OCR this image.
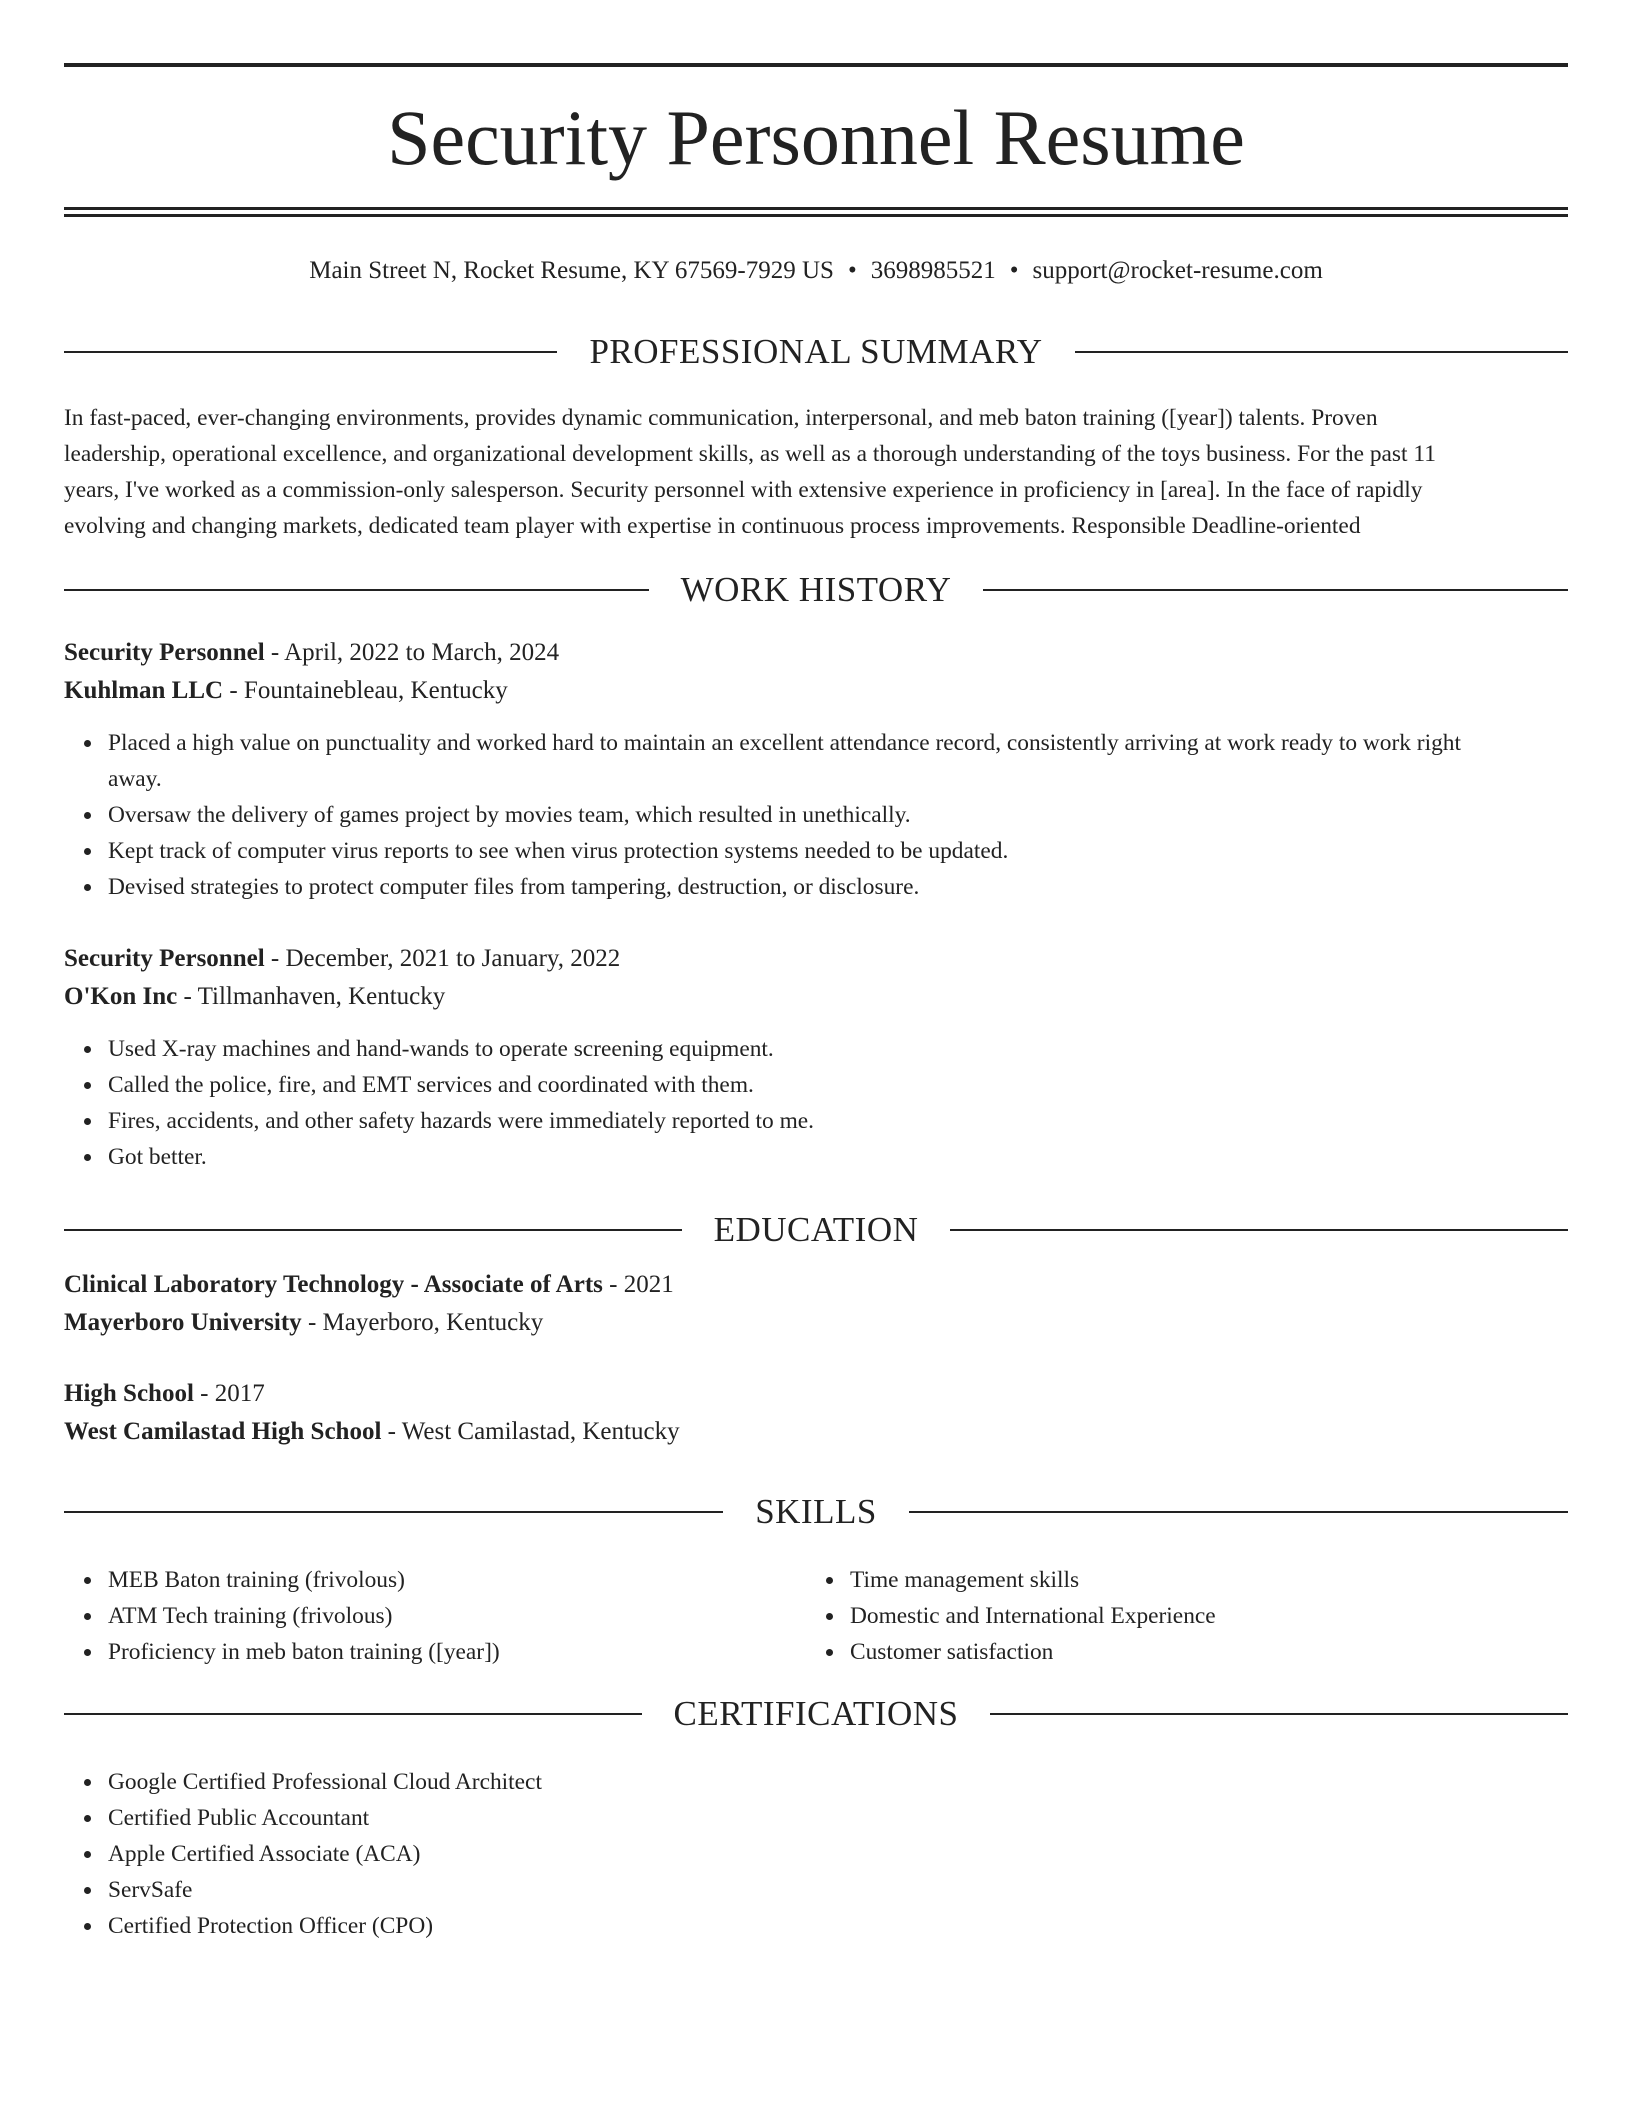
Security Personnel Resume
Main Street N, Rocket Resume, KY 67569-7929 US • 3698985521 • support@rocket-resume.com
PROFESSIONAL SUMMARY
In fast-paced, ever-changing environments, provides dynamic communication, interpersonal, and meb baton training ([year]) talents. Proven
leadership, operational excellence, and organizational development skills, as well as a thorough understanding of the toys business. For the past 11
years, I've worked as a commission-only salesperson. Security personnel with extensive experience in proficiency in [area]. In the face of rapidly
evolving and changing markets, dedicated team player with expertise in continuous process improvements. Responsible Deadline-oriented
WORK HISTORY
Security Personnel - April, 2022 to March, 2024
Kuhlman LLC - Fountainebleau, Kentucky
Placed a high value on punctuality and worked hard to maintain an excellent attendance record, consistently arriving at work ready to work right
away.
Oversaw the delivery of games project by movies team, which resulted in unethically.
Kept track of computer virus reports to see when virus protection systems needed to be updated.
Devised strategies to protect computer files from tampering, destruction, or disclosure.
Security Personnel - December, 2021 to January, 2022
O'Kon Inc - Tillmanhaven, Kentucky
Used X-ray machines and hand-wands to operate screening equipment.
Called the police, fire, and EMT services and coordinated with them.
Fires, accidents, and other safety hazards were immediately reported to me.
Got better.
EDUCATION
Clinical Laboratory Technology - Associate of Arts - 2021
Mayerboro University - Mayerboro, Kentucky
High School - 2017
West Camilastad High School - West Camilastad, Kentucky
SKILLS
MEB Baton training (frivolous)
ATM Tech training (frivolous)
Proficiency in meb baton training ([year])
Time management skills
Domestic and International Experience
Customer satisfaction
CERTIFICATIONS
Google Certified Professional Cloud Architect
Certified Public Accountant
Apple Certified Associate (ACA)
ServSafe
Certified Protection Officer (CPO)
